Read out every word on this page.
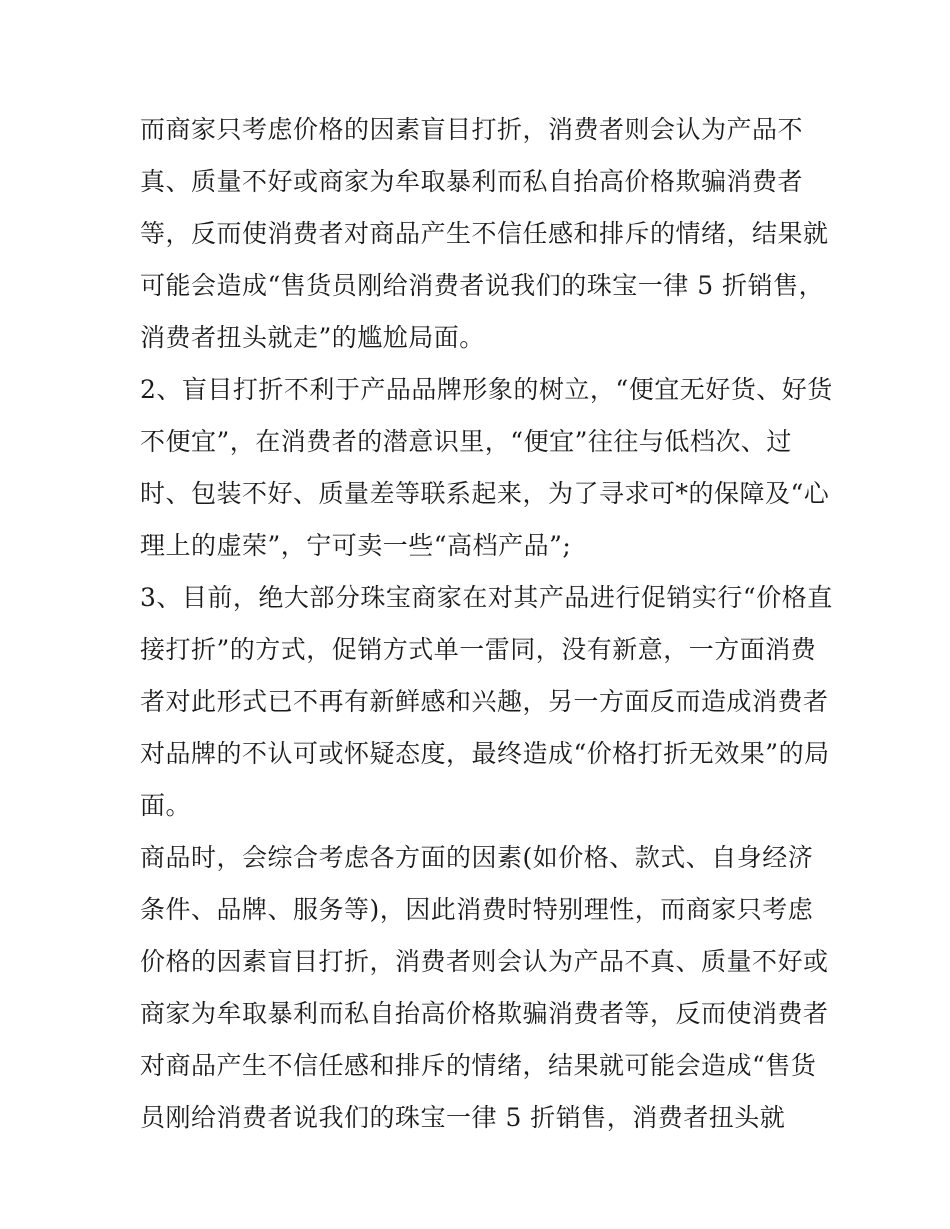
而商家只考虑价格的因素盲目打折，消费者则会认为产品不
真、质量不好或商家为牟取暴利而私自抬高价格欺骗消费者
等，反而使消费者对商品产生不信任感和排斥的情绪，结果就
可能会造成“售货员刚给消费者说我们的珠宝一律 5 折销售，
消费者扭头就走”的尴尬局面。
2、盲目打折不利于产品品牌形象的树立，“便宜无好货、好货
不便宜”，在消费者的潜意识里，“便宜”往往与低档次、过
时、包装不好、质量差等联系起来，为了寻求可*的保障及“心
理上的虚荣”，宁可卖一些“高档产品”;
3、目前，绝大部分珠宝商家在对其产品进行促销实行“价格直
接打折”的方式，促销方式单一雷同，没有新意，一方面消费
者对此形式已不再有新鲜感和兴趣，另一方面反而造成消费者
对品牌的不认可或怀疑态度，最终造成“价格打折无效果”的局
面。
商品时，会综合考虑各方面的因素(如价格、款式、自身经济
条件、品牌、服务等)，因此消费时特别理性，而商家只考虑
价格的因素盲目打折，消费者则会认为产品不真、质量不好或
商家为牟取暴利而私自抬高价格欺骗消费者等，反而使消费者
对商品产生不信任感和排斥的情绪，结果就可能会造成“售货
员刚给消费者说我们的珠宝一律 5 折销售，消费者扭头就
